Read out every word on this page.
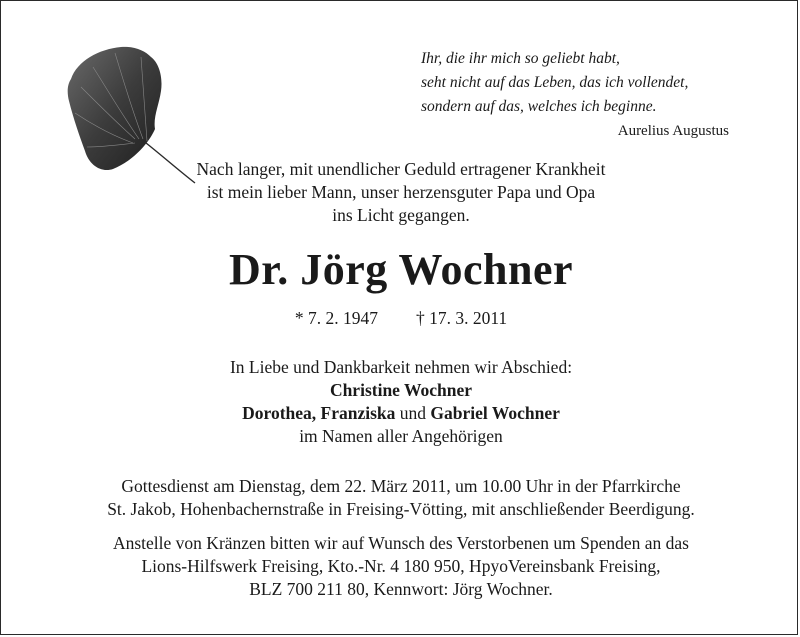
Ihr, die ihr mich so geliebt habt,
seht nicht auf das Leben, das ich vollendet,
sondern auf das, welches ich beginne.
Aurelius Augustus
Nach langer, mit unendlicher Geduld ertragener Krankheit
ist mein lieber Mann, unser herzensguter Papa und Opa
ins Licht gegangen.
Dr. Jörg Wochner
* 7. 2. 1947 † 17. 3. 2011
In Liebe und Dankbarkeit nehmen wir Abschied:
Christine Wochner
Dorothea, Franziska und Gabriel Wochner
im Namen aller Angehörigen
Gottesdienst am Dienstag, dem 22. März 2011, um 10.00 Uhr in der Pfarrkirche
St. Jakob, Hohenbachernstraße in Freising-Vötting, mit anschließender Beerdigung.
Anstelle von Kränzen bitten wir auf Wunsch des Verstorbenen um Spenden an das
Lions-Hilfswerk Freising, Kto.-Nr. 4 180 950, HpyoVereinsbank Freising,
BLZ 700 211 80, Kennwort: Jörg Wochner.
